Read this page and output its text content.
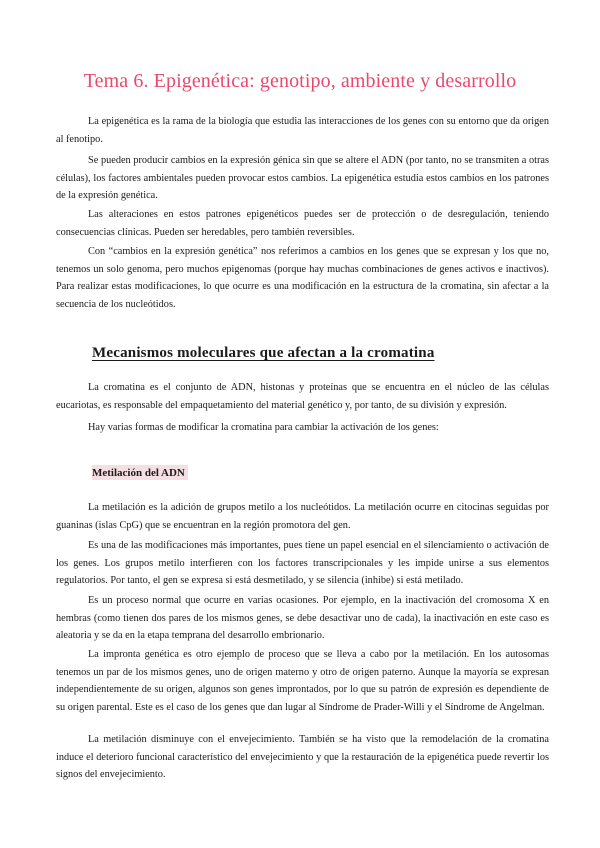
Tema 6. Epigenética: genotipo, ambiente y desarrollo

La epigenética es la rama de la biología que estudia las interacciones de los genes con su entorno que da origen al fenotipo.

Se pueden producir cambios en la expresión génica sin que se altere el ADN (por tanto, no se transmiten a otras células), los factores ambientales pueden provocar estos cambios. La epigenética estudia estos cambios en los patrones de la expresión genética.

Las alteraciones en estos patrones epigenéticos puedes ser de protección o de desregulación, teniendo consecuencias clínicas. Pueden ser heredables, pero también reversibles.

Con “cambios en la expresión genética” nos referimos a cambios en los genes que se expresan y los que no, tenemos un solo genoma, pero muchos epigenomas (porque hay muchas combinaciones de genes activos e inactivos). Para realizar estas modificaciones, lo que ocurre es una modificación en la estructura de la cromatina, sin afectar a la secuencia de los nucleótidos.

Mecanismos moleculares que afectan a la cromatina

La cromatina es el conjunto de ADN, histonas y proteínas que se encuentra en el núcleo de las células eucariotas, es responsable del empaquetamiento del material genético y, por tanto, de su división y expresión.

Hay varias formas de modificar la cromatina para cambiar la activación de los genes:

Metilación del ADN

La metilación es la adición de grupos metilo a los nucleótidos. La metilación ocurre en citocinas seguidas por guaninas (islas CpG) que se encuentran en la región promotora del gen.

Es una de las modificaciones más importantes, pues tiene un papel esencial en el silenciamiento o activación de los genes. Los grupos metilo interfieren con los factores transcripcionales y les impide unirse a sus elementos regulatorios. Por tanto, el gen se expresa si está desmetilado, y se silencia (inhibe) si está metilado.

Es un proceso normal que ocurre en varias ocasiones. Por ejemplo, en la inactivación del cromosoma X en hembras (como tienen dos pares de los mismos genes, se debe desactivar uno de cada), la inactivación en este caso es aleatoria y se da en la etapa temprana del desarrollo embrionario.

La impronta genética es otro ejemplo de proceso que se lleva a cabo por la metilación. En los autosomas tenemos un par de los mismos genes, uno de origen materno y otro de origen paterno. Aunque la mayoría se expresan independientemente de su origen, algunos son genes improntados, por lo que su patrón de expresión es dependiente de su origen parental. Este es el caso de los genes que dan lugar al Síndrome de Prader-Willi y el Síndrome de Angelman.

La metilación disminuye con el envejecimiento. También se ha visto que la remodelación de la cromatina induce el deterioro funcional característico del envejecimiento y que la restauración de la epigenética puede revertir los signos del envejecimiento.
